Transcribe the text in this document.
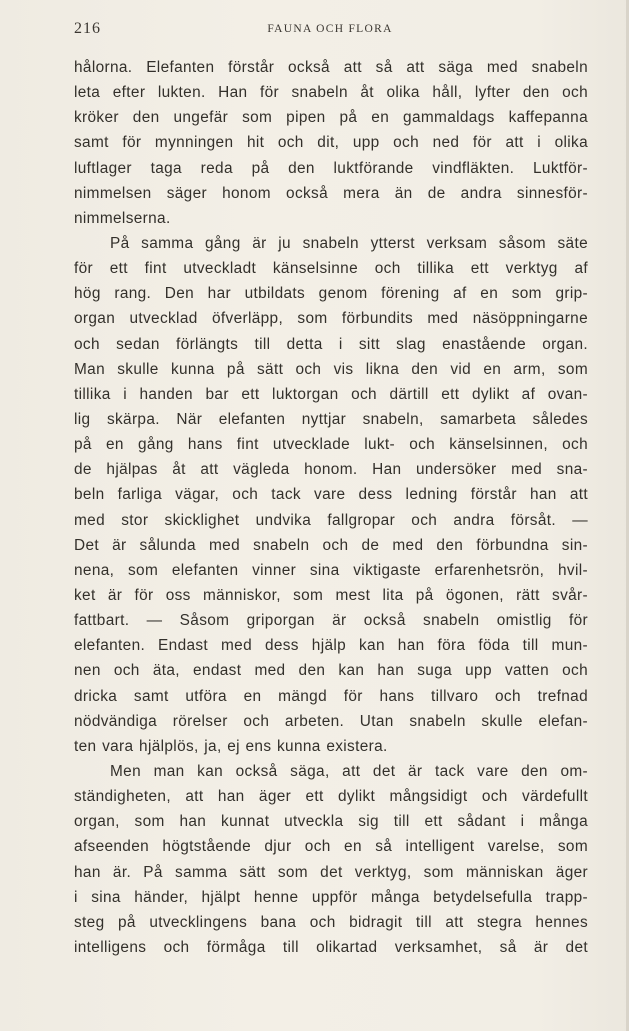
216	FAUNA OCH FLORA
hålorna. Elefanten förstår också att så att säga med snabeln
leta efter lukten. Han för snabeln åt olika håll, lyfter den och
kröker den ungefär som pipen på en gammaldags kaffepanna
samt för mynningen hit och dit, upp och ned för att i olika
luftlager taga reda på den luktförande vindfläkten. Luktför-
nimmelsen säger honom också mera än de andra sinnesför-
nimmelserna.
På samma gång är ju snabeln ytterst verksam såsom säte
för ett fint utveckladt känselsinne och tillika ett verktyg af
hög rang. Den har utbildats genom förening af en som grip-
organ utvecklad öfverläpp, som förbundits med näsöppningarne
och sedan förlängts till detta i sitt slag enastående organ.
Man skulle kunna på sätt och vis likna den vid en arm, som
tillika i handen bar ett luktorgan och därtill ett dylikt af ovan-
lig skärpa. När elefanten nyttjar snabeln, samarbeta således
på en gång hans fint utvecklade lukt- och känselsinnen, och
de hjälpas åt att vägleda honom. Han undersöker med sna-
beln farliga vägar, och tack vare dess ledning förstår han att
med stor skicklighet undvika fallgropar och andra försåt. —
Det är sålunda med snabeln och de med den förbundna sin-
nena, som elefanten vinner sina viktigaste erfarenhetsrön, hvil-
ket är för oss människor, som mest lita på ögonen, rätt svår-
fattbart. — Såsom griporgan är också snabeln omistlig för
elefanten. Endast med dess hjälp kan han föra föda till mun-
nen och äta, endast med den kan han suga upp vatten och
dricka samt utföra en mängd för hans tillvaro och trefnad
nödvändiga rörelser och arbeten. Utan snabeln skulle elefan-
ten vara hjälplös, ja, ej ens kunna existera.
Men man kan också säga, att det är tack vare den om-
ständigheten, att han äger ett dylikt mångsidigt och värdefullt
organ, som han kunnat utveckla sig till ett sådant i många
afseenden högtstående djur och en så intelligent varelse, som
han är. På samma sätt som det verktyg, som människan äger
i sina händer, hjälpt henne uppför många betydelsefulla trapp-
steg på utvecklingens bana och bidragit till att stegra hennes
intelligens och förmåga till olikartad verksamhet, så är det
